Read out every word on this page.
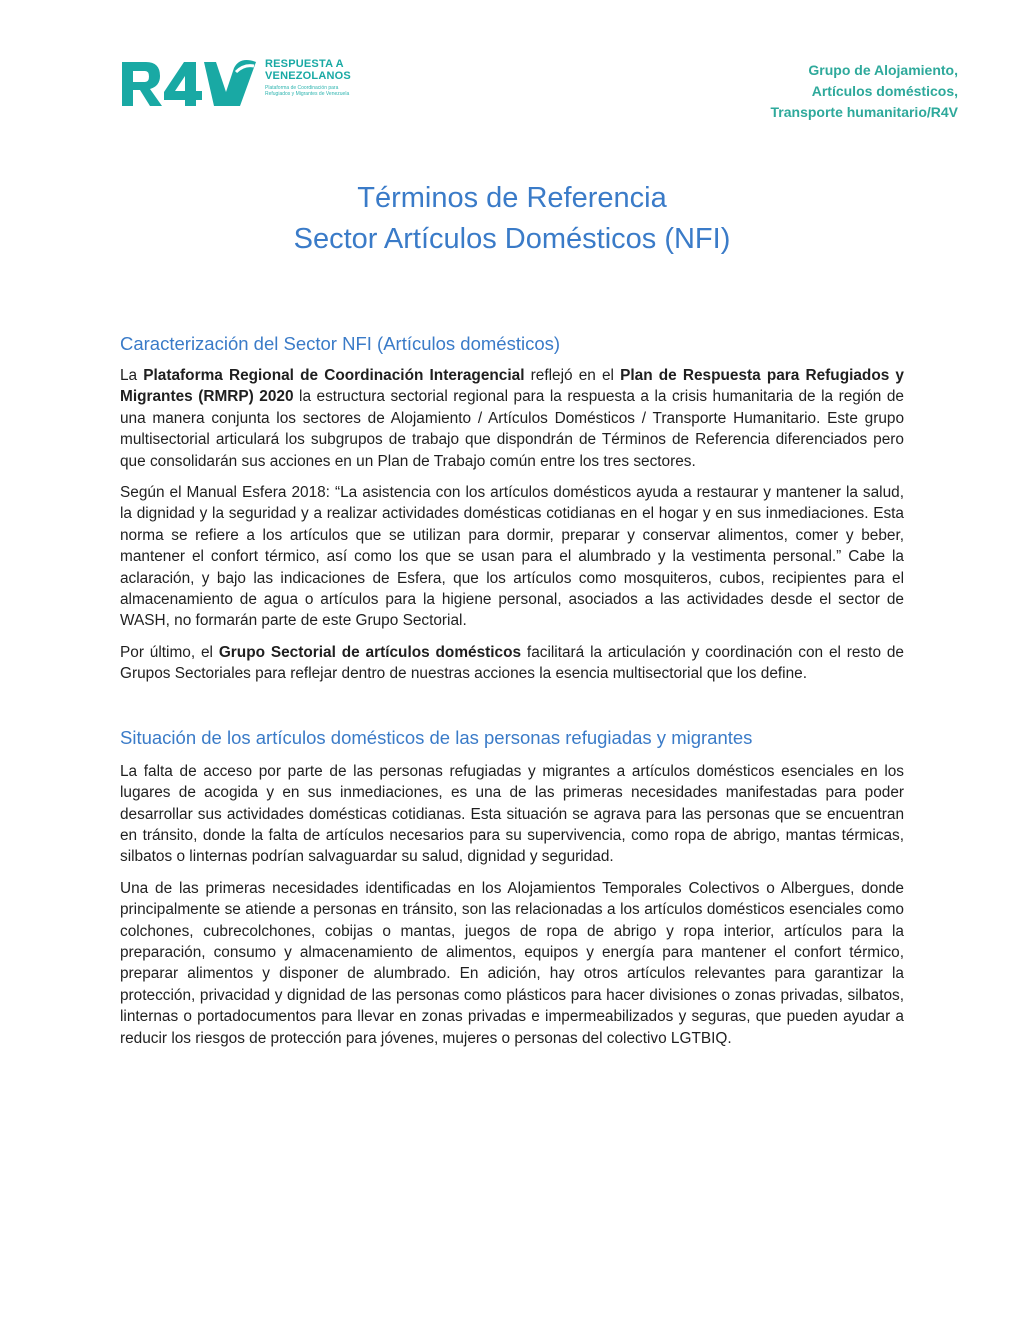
RESPUESTA A
VENEZOLANOS
Plataforma de Coordinación para Refugiados y Migrantes de Venezuela
Grupo de Alojamiento,
Artículos domésticos,
Transporte humanitario/R4V
Términos de Referencia
Sector Artículos Domésticos (NFI)
Caracterización del Sector NFI (Artículos domésticos)

La Plataforma Regional de Coordinación Interagencial reflejó en el Plan de Respuesta para Refugiados y Migrantes (RMRP) 2020 la estructura sectorial regional para la respuesta a la crisis humanitaria de la región de una manera conjunta los sectores de Alojamiento / Artículos Domésticos / Transporte Humanitario. Este grupo multisectorial articulará los subgrupos de trabajo que dispondrán de Términos de Referencia diferenciados pero que consolidarán sus acciones en un Plan de Trabajo común entre los tres sectores.

Según el Manual Esfera 2018: “La asistencia con los artículos domésticos ayuda a restaurar y mantener la salud, la dignidad y la seguridad y a realizar actividades domésticas cotidianas en el hogar y en sus inmediaciones. Esta norma se refiere a los artículos que se utilizan para dormir, preparar y conservar alimentos, comer y beber, mantener el confort térmico, así como los que se usan para el alumbrado y la vestimenta personal.” Cabe la aclaración, y bajo las indicaciones de Esfera, que los artículos como mosquiteros, cubos, recipientes para el almacenamiento de agua o artículos para la higiene personal, asociados a las actividades desde el sector de WASH, no formarán parte de este Grupo Sectorial.

Por último, el Grupo Sectorial de artículos domésticos facilitará la articulación y coordinación con el resto de Grupos Sectoriales para reflejar dentro de nuestras acciones la esencia multisectorial que los define.

Situación de los artículos domésticos de las personas refugiadas y migrantes

La falta de acceso por parte de las personas refugiadas y migrantes a artículos domésticos esenciales en los lugares de acogida y en sus inmediaciones, es una de las primeras necesidades manifestadas para poder desarrollar sus actividades domésticas cotidianas. Esta situación se agrava para las personas que se encuentran en tránsito, donde la falta de artículos necesarios para su supervivencia, como ropa de abrigo, mantas térmicas, silbatos o linternas podrían salvaguardar su salud, dignidad y seguridad.

Una de las primeras necesidades identificadas en los Alojamientos Temporales Colectivos o Albergues, donde principalmente se atiende a personas en tránsito, son las relacionadas a los artículos domésticos esenciales como colchones, cubrecolchones, cobijas o mantas, juegos de ropa de abrigo y ropa interior, artículos para la preparación, consumo y almacenamiento de alimentos, equipos y energía para mantener el confort térmico, preparar alimentos y disponer de alumbrado. En adición, hay otros artículos relevantes para garantizar la protección, privacidad y dignidad de las personas como plásticos para hacer divisiones o zonas privadas, silbatos, linternas o portadocumentos para llevar en zonas privadas e impermeabilizados y seguras, que pueden ayudar a reducir los riesgos de protección para jóvenes, mujeres o personas del colectivo LGTBIQ.
